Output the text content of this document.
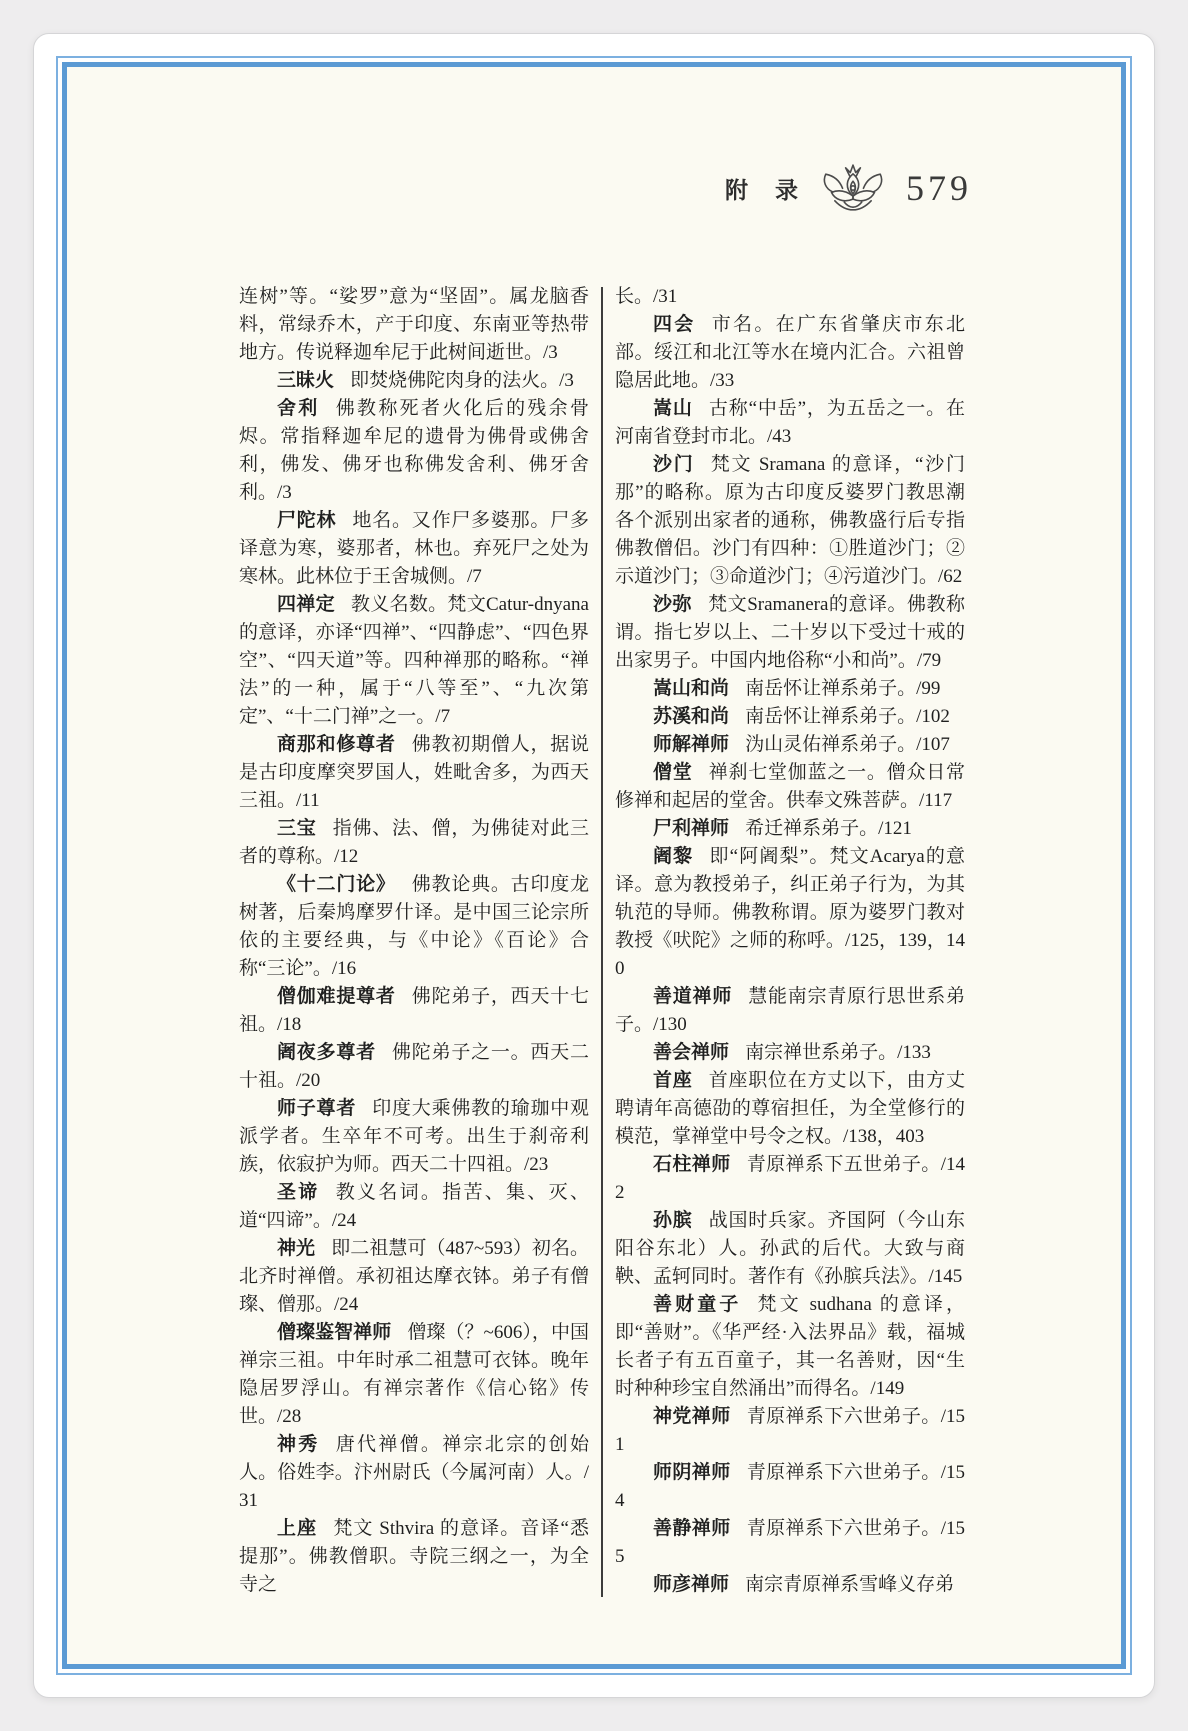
附　录	579

连树”等。“娑罗”意为“坚固”。属龙脑香料，常绿乔木，产于印度、东南亚等热带地方。传说释迦牟尼于此树间逝世。/3

三昧火 即焚烧佛陀肉身的法火。/3

舍利 佛教称死者火化后的残余骨烬。常指释迦牟尼的遗骨为佛骨或佛舍利，佛发、佛牙也称佛发舍利、佛牙舍利。/3

尸陀林 地名。又作尸多婆那。尸多译意为寒，婆那者，林也。弃死尸之处为寒林。此林位于王舍城侧。/7

四禅定 教义名数。梵文Catur-dnyana的意译，亦译“四禅”、“四静虑”、“四色界空”、“四天道”等。四种禅那的略称。“禅法”的一种，属于“八等至”、“九次第定”、“十二门禅”之一。/7

商那和修尊者 佛教初期僧人，据说是古印度摩突罗国人，姓毗舍多，为西天三祖。/11

三宝 指佛、法、僧，为佛徒对此三者的尊称。/12

《十二门论》 佛教论典。古印度龙树著，后秦鸠摩罗什译。是中国三论宗所依的主要经典，与《中论》《百论》合称“三论”。/16

僧伽难提尊者 佛陀弟子，西天十七祖。/18

阇夜多尊者 佛陀弟子之一。西天二十祖。/20

师子尊者 印度大乘佛教的瑜珈中观派学者。生卒年不可考。出生于刹帝利族，依寂护为师。西天二十四祖。/23

圣谛 教义名词。指苦、集、灭、道“四谛”。/24

神光 即二祖慧可（487~593）初名。北齐时禅僧。承初祖达摩衣钵。弟子有僧璨、僧那。/24

僧璨鉴智禅师 僧璨（？~606），中国禅宗三祖。中年时承二祖慧可衣钵。晚年隐居罗浮山。有禅宗著作《信心铭》传世。/28

神秀 唐代禅僧。禅宗北宗的创始人。俗姓李。汴州尉氏（今属河南）人。/31

上座 梵文 Sthvira 的意译。音译“悉提那”。佛教僧职。寺院三纲之一，为全寺之

长。/31

四会 市名。在广东省肇庆市东北部。绥江和北江等水在境内汇合。六祖曾隐居此地。/33

嵩山 古称“中岳”，为五岳之一。在河南省登封市北。/43

沙门 梵文 Sramana 的意译，“沙门那”的略称。原为古印度反婆罗门教思潮各个派别出家者的通称，佛教盛行后专指佛教僧侣。沙门有四种：①胜道沙门；②示道沙门；③命道沙门；④污道沙门。/62

沙弥 梵文Sramanera的意译。佛教称谓。指七岁以上、二十岁以下受过十戒的出家男子。中国内地俗称“小和尚”。/79

嵩山和尚 南岳怀让禅系弟子。/99

苏溪和尚 南岳怀让禅系弟子。/102

师解禅师 沩山灵佑禅系弟子。/107

僧堂 禅刹七堂伽蓝之一。僧众日常修禅和起居的堂舍。供奉文殊菩萨。/117

尸利禅师 希迁禅系弟子。/121

阇黎 即“阿阇梨”。梵文Acarya的意译。意为教授弟子，纠正弟子行为，为其轨范的导师。佛教称谓。原为婆罗门教对教授《吠陀》之师的称呼。/125，139，140

善道禅师 慧能南宗青原行思世系弟子。/130

善会禅师 南宗禅世系弟子。/133

首座 首座职位在方丈以下，由方丈聘请年高德劭的尊宿担任，为全堂修行的模范，掌禅堂中号令之权。/138，403

石柱禅师 青原禅系下五世弟子。/142

孙膑 战国时兵家。齐国阿（今山东阳谷东北）人。孙武的后代。大致与商鞅、孟轲同时。著作有《孙膑兵法》。/145

善财童子 梵文 sudhana 的意译，即“善财”。《华严经·入法界品》载，福城长者子有五百童子，其一名善财，因“生时种种珍宝自然涌出”而得名。/149

神党禅师 青原禅系下六世弟子。/151

师阴禅师 青原禅系下六世弟子。/154

善静禅师 青原禅系下六世弟子。/155

师彦禅师 南宗青原禅系雪峰义存弟
